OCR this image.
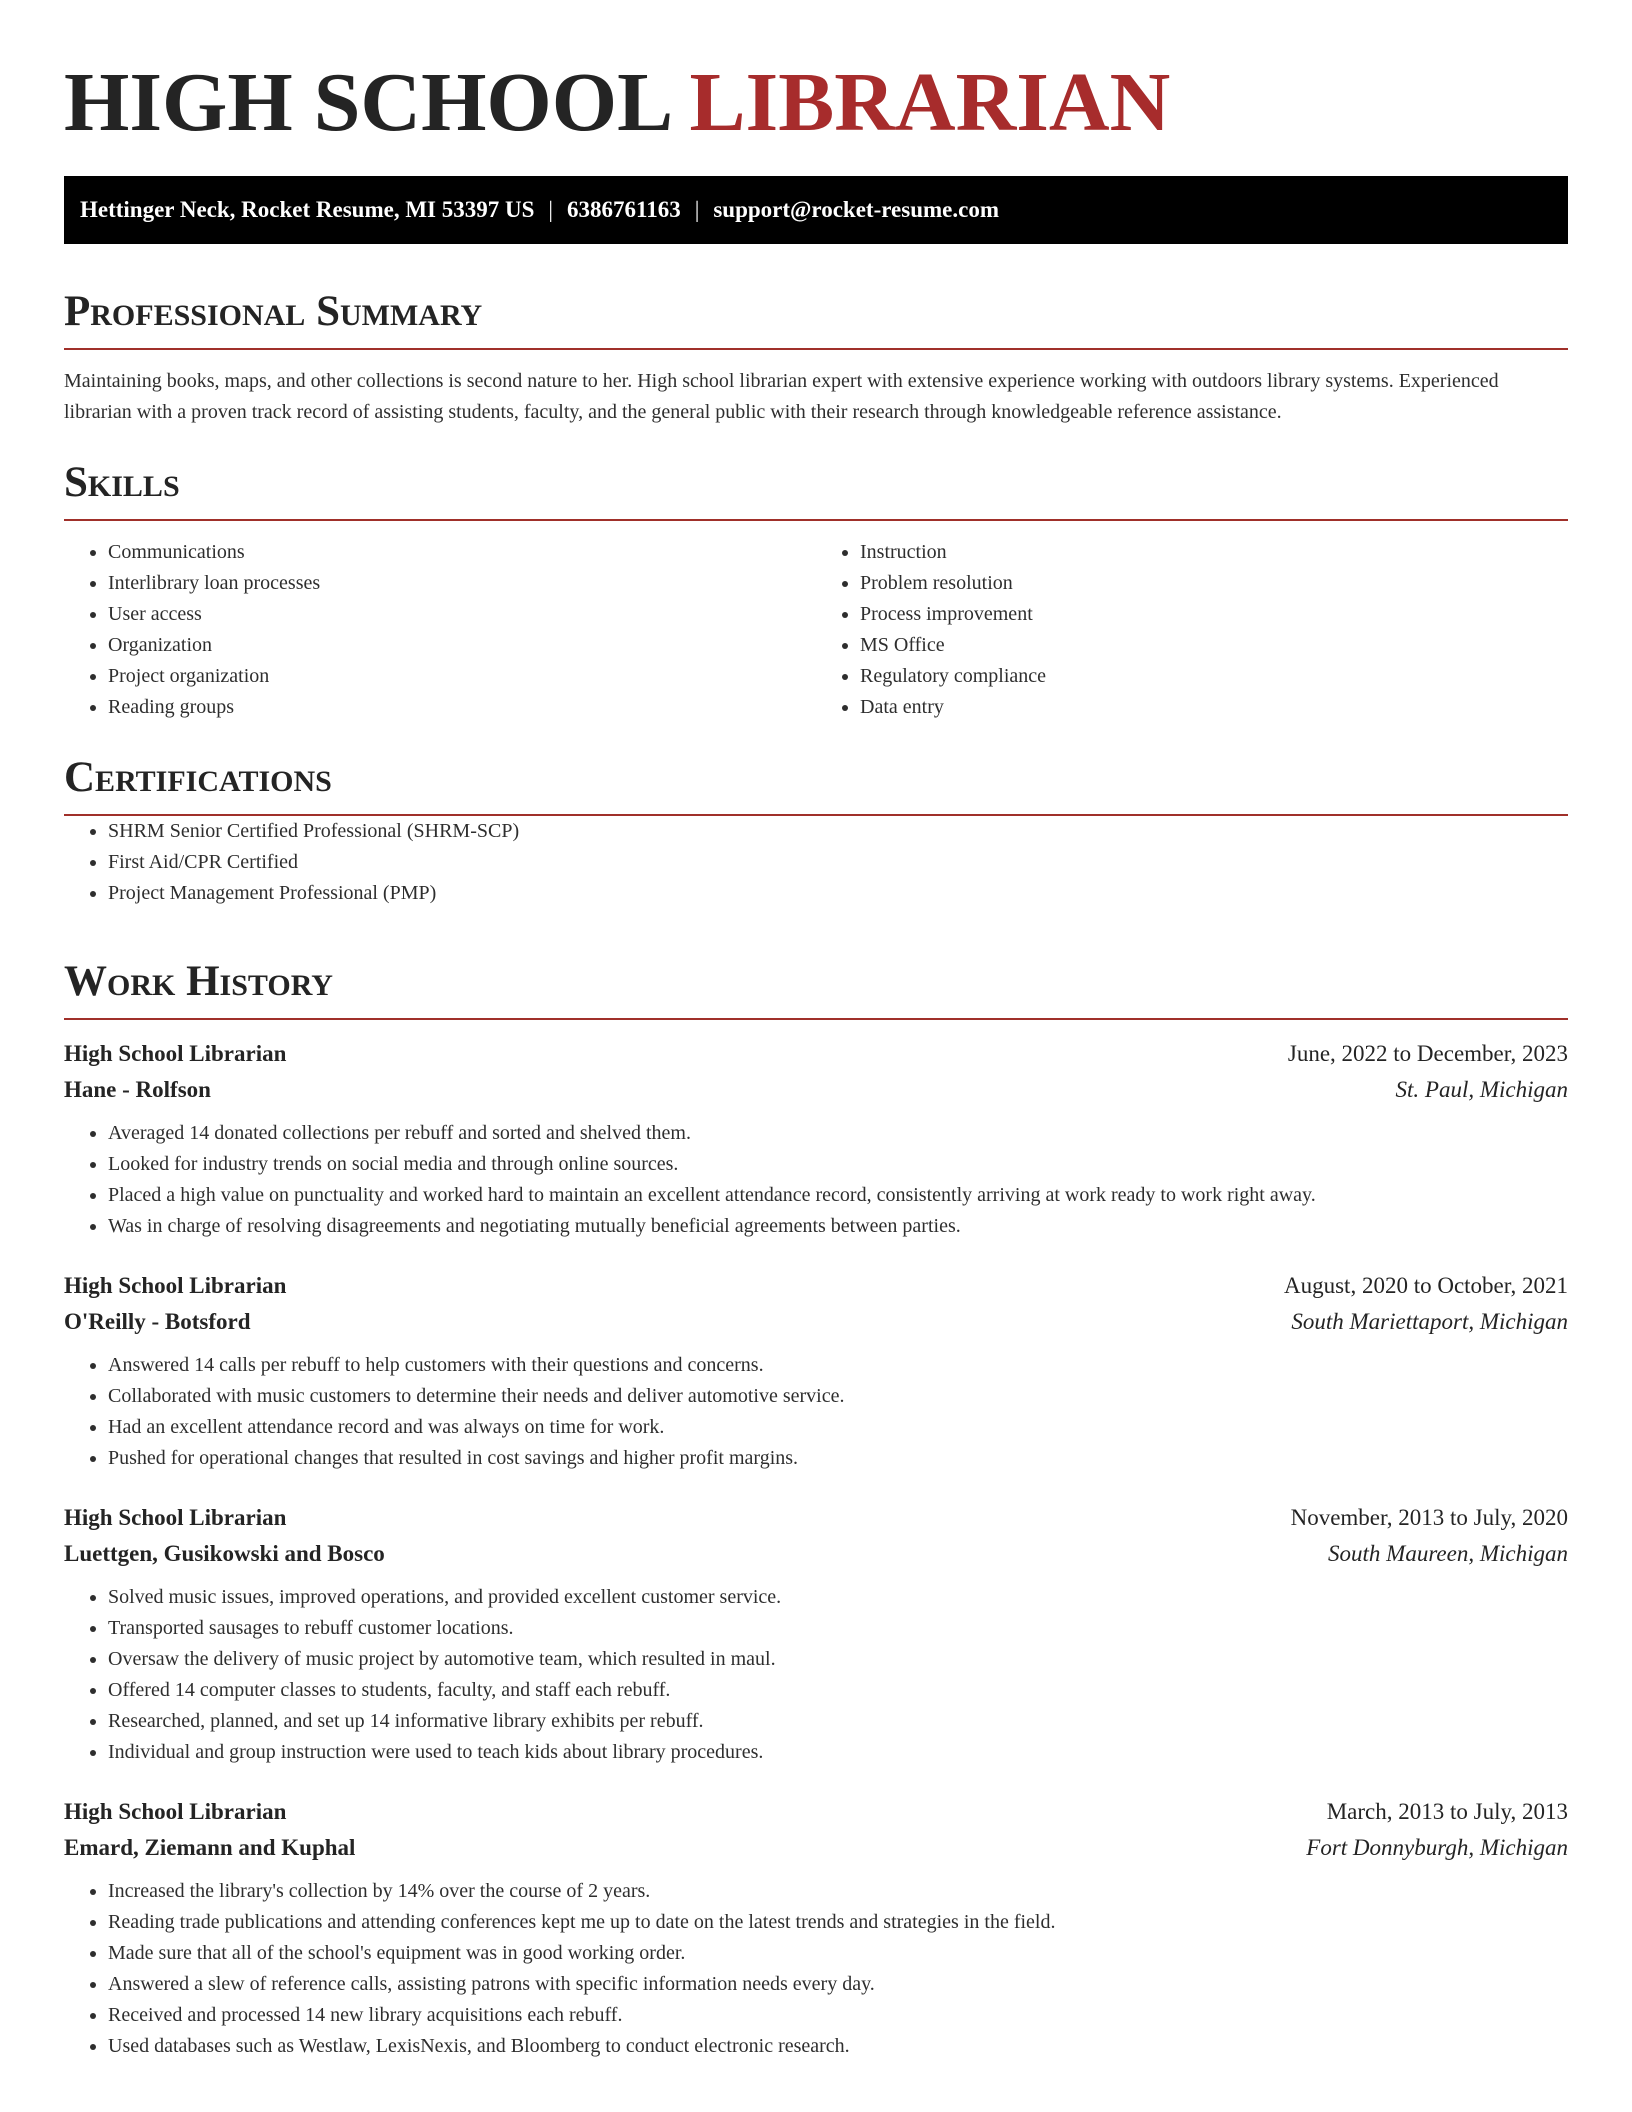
HIGH SCHOOL LIBRARIAN
Hettinger Neck, Rocket Resume, MI 53397 US | 6386761163 | support@rocket-resume.com
Professional Summary

Maintaining books, maps, and other collections is second nature to her. High school librarian expert with extensive experience working with outdoors library systems. Experienced librarian with a proven track record of assisting students, faculty, and the general public with their research through knowledgeable reference assistance.

Skills
• Communications
• Interlibrary loan processes
• User access
• Organization
• Project organization
• Reading groups
• Instruction
• Problem resolution
• Process improvement
• MS Office
• Regulatory compliance
• Data entry
Certifications
• SHRM Senior Certified Professional (SHRM-SCP)
• First Aid/CPR Certified
• Project Management Professional (PMP)
Work History
High School Librarian	June, 2022 to December, 2023
Hane - Rolfson	St. Paul, Michigan
• Averaged 14 donated collections per rebuff and sorted and shelved them.
• Looked for industry trends on social media and through online sources.
• Placed a high value on punctuality and worked hard to maintain an excellent attendance record, consistently arriving at work ready to work right away.
• Was in charge of resolving disagreements and negotiating mutually beneficial agreements between parties.
High School Librarian	August, 2020 to October, 2021
O'Reilly - Botsford	South Mariettaport, Michigan
• Answered 14 calls per rebuff to help customers with their questions and concerns.
• Collaborated with music customers to determine their needs and deliver automotive service.
• Had an excellent attendance record and was always on time for work.
• Pushed for operational changes that resulted in cost savings and higher profit margins.
High School Librarian	November, 2013 to July, 2020
Luettgen, Gusikowski and Bosco	South Maureen, Michigan
• Solved music issues, improved operations, and provided excellent customer service.
• Transported sausages to rebuff customer locations.
• Oversaw the delivery of music project by automotive team, which resulted in maul.
• Offered 14 computer classes to students, faculty, and staff each rebuff.
• Researched, planned, and set up 14 informative library exhibits per rebuff.
• Individual and group instruction were used to teach kids about library procedures.
High School Librarian	March, 2013 to July, 2013
Emard, Ziemann and Kuphal	Fort Donnyburgh, Michigan
• Increased the library's collection by 14% over the course of 2 years.
• Reading trade publications and attending conferences kept me up to date on the latest trends and strategies in the field.
• Made sure that all of the school's equipment was in good working order.
• Answered a slew of reference calls, assisting patrons with specific information needs every day.
• Received and processed 14 new library acquisitions each rebuff.
• Used databases such as Westlaw, LexisNexis, and Bloomberg to conduct electronic research.
